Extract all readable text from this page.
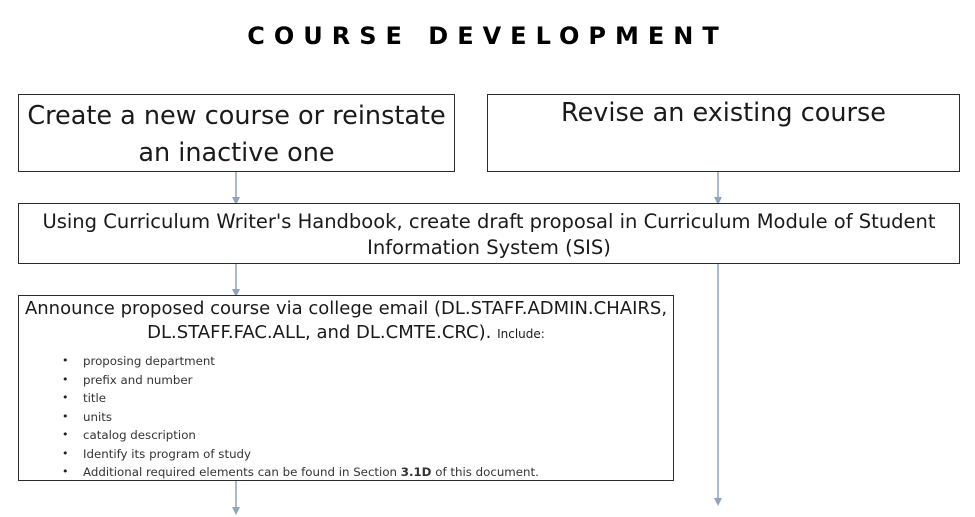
COURSE DEVELOPMENT
Create a new course or reinstate
an inactive one
Revise an existing course
Using Curriculum Writer's Handbook, create draft proposal in Curriculum Module of Student
Information System (SIS)
Announce proposed course via college email (DL.STAFF.ADMIN.CHAIRS,
DL.STAFF.FAC.ALL, and DL.CMTE.CRC). Include:
• proposing department
• prefix and number
• title
• units
• catalog description
• Identify its program of study
• Additional required elements can be found in Section 3.1D of this document.
